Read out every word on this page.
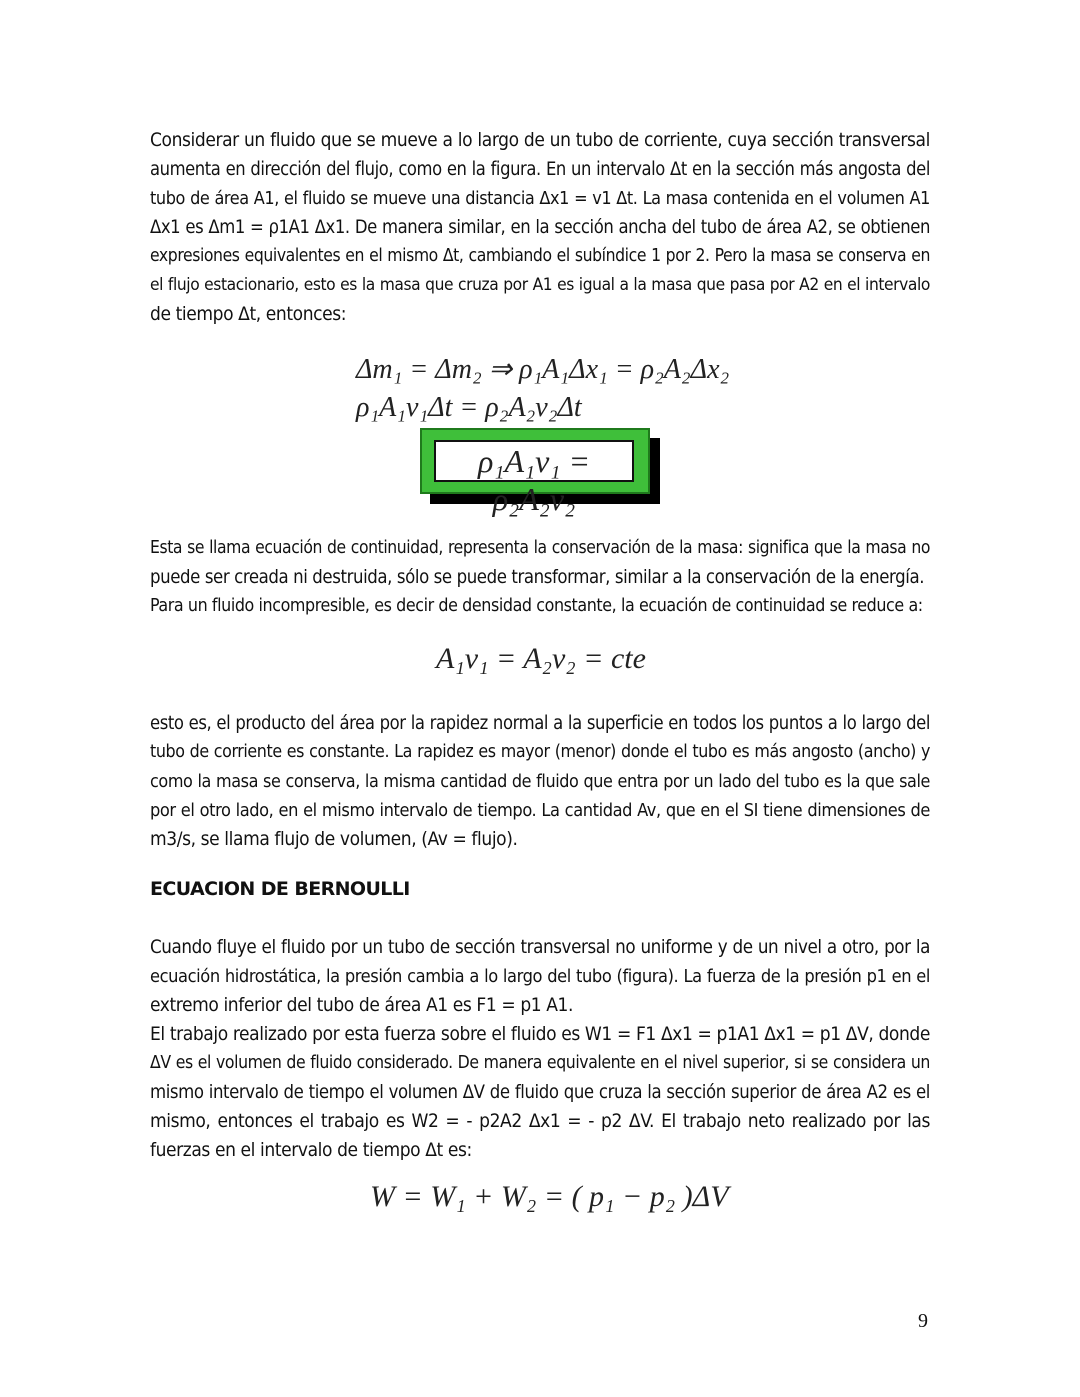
Considerar un fluido que se mueve a lo largo de un tubo de corriente, cuya sección transversal
aumenta en dirección del flujo, como en la figura. En un intervalo Δt en la sección más angosta del
tubo de área A1, el fluido se mueve una distancia Δx1 = v1 Δt. La masa contenida en el volumen A1
Δx1 es Δm1 = ρ1A1 Δx1. De manera similar, en la sección ancha del tubo de área A2, se obtienen
expresiones equivalentes en el mismo Δt, cambiando el subíndice 1 por 2. Pero la masa se conserva en
el flujo estacionario, esto es la masa que cruza por A1 es igual a la masa que pasa por A2 en el intervalo
de tiempo Δt, entonces:
Δm₁ = Δm₂ ⇒ ρ₁A₁Δx₁ = ρ₂A₂Δx₂
ρ₁A₁v₁Δt = ρ₂A₂v₂Δt
ρ₁A₁v₁ = ρ₂A₂v₂
Esta se llama ecuación de continuidad, representa la conservación de la masa: significa que la masa no
puede ser creada ni destruida, sólo se puede transformar, similar a la conservación de la energía.
Para un fluido incompresible, es decir de densidad constante, la ecuación de continuidad se reduce a:
A₁v₁ = A₂v₂ = cte
esto es, el producto del área por la rapidez normal a la superficie en todos los puntos a lo largo del
tubo de corriente es constante. La rapidez es mayor (menor) donde el tubo es más angosto (ancho) y
como la masa se conserva, la misma cantidad de fluido que entra por un lado del tubo es la que sale
por el otro lado, en el mismo intervalo de tiempo. La cantidad Av, que en el SI tiene dimensiones de
m3/s, se llama flujo de volumen, (Av = flujo).
ECUACION DE BERNOULLI
Cuando fluye el fluido por un tubo de sección transversal no uniforme y de un nivel a otro, por la
ecuación hidrostática, la presión cambia a lo largo del tubo (figura). La fuerza de la presión p1 en el
extremo inferior del tubo de área A1 es F1 = p1 A1.
El trabajo realizado por esta fuerza sobre el fluido es W1 = F1 Δx1 = p1A1 Δx1 = p1 ΔV, donde
ΔV es el volumen de fluido considerado. De manera equivalente en el nivel superior, si se considera un
mismo intervalo de tiempo el volumen ΔV de fluido que cruza la sección superior de área A2 es el
mismo, entonces el trabajo es W2 = - p2A2 Δx1 = - p2 ΔV. El trabajo neto realizado por las
fuerzas en el intervalo de tiempo Δt es:
W = W₁ + W₂ = ( p₁ − p₂ )ΔV
9
